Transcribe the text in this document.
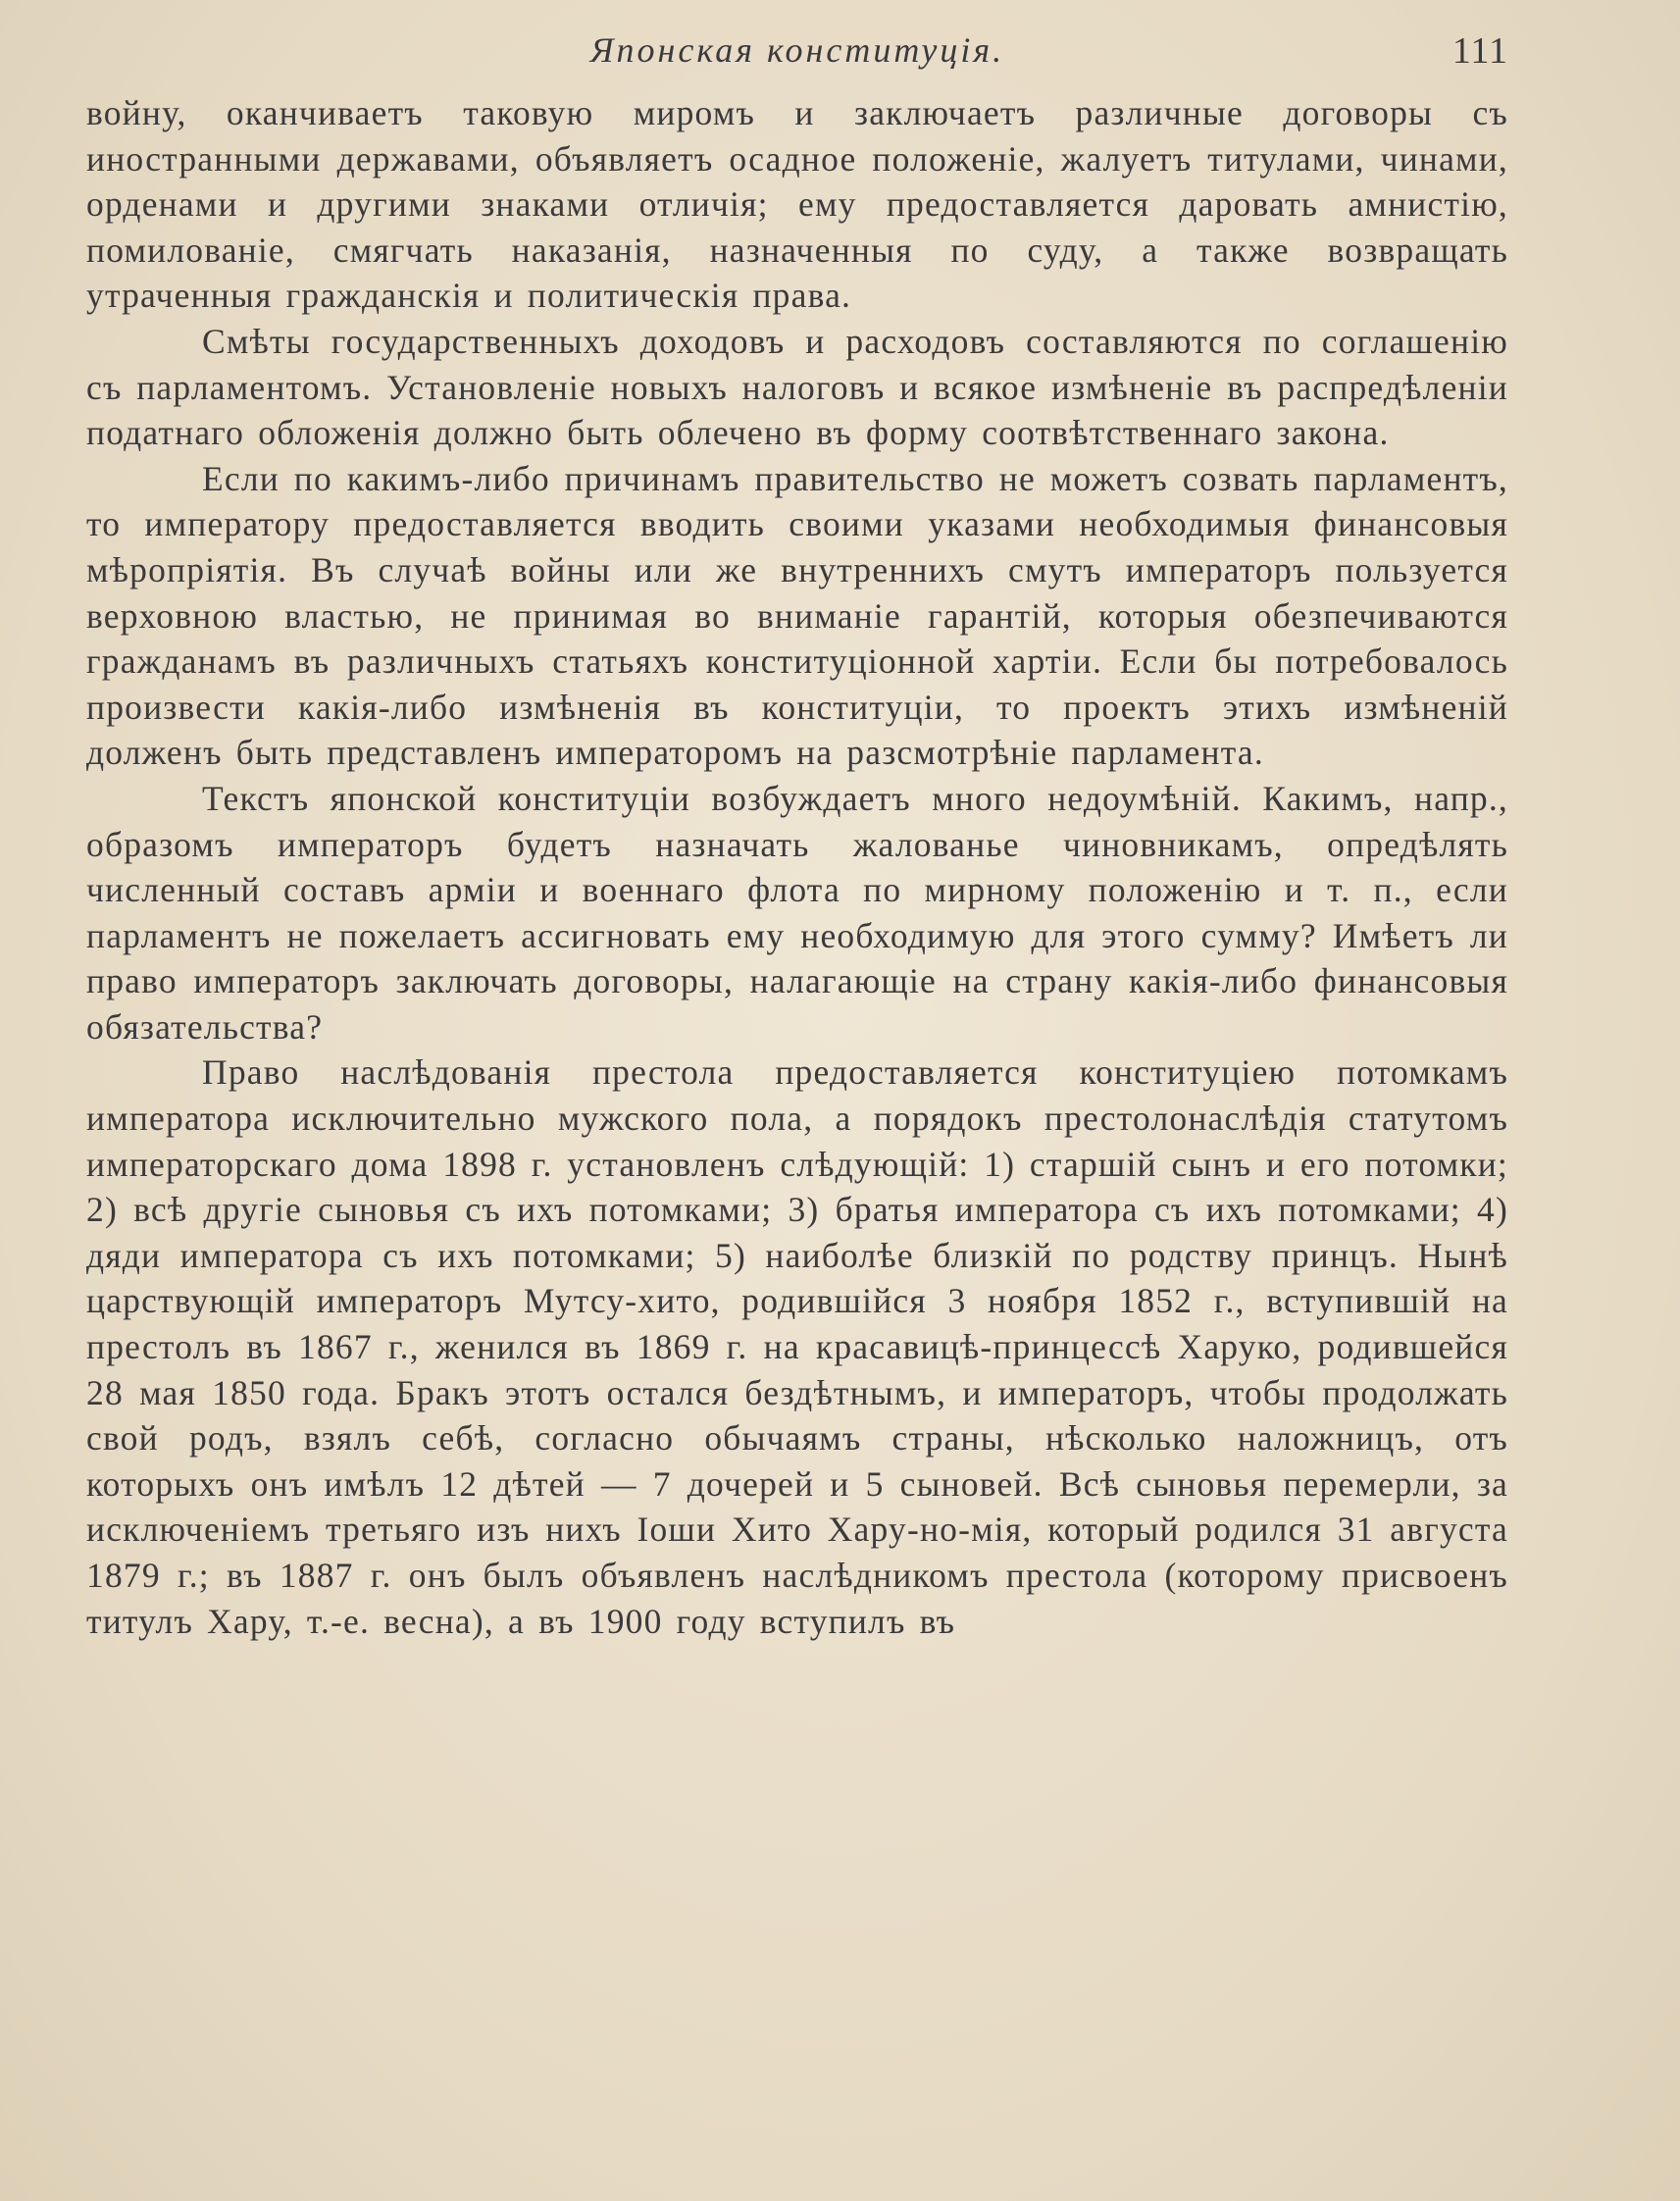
Японская конституція.	111

войну, оканчиваетъ таковую миромъ и заключаетъ различные договоры съ иностранными державами, объявляетъ осадное положеніе, жалуетъ титулами, чинами, орденами и другими знаками отличія; ему предоставляется даровать амнистію, помилованіе, смягчать наказанія, назначенныя по суду, а также возвращать утраченныя гражданскія и политическія права.

Смѣты государственныхъ доходовъ и расходовъ составляются по соглашенію съ парламентомъ. Установленіе новыхъ налоговъ и всякое измѣненіе въ распредѣленіи податнаго обложенія должно быть облечено въ форму соотвѣтственнаго закона.

Если по какимъ-либо причинамъ правительство не можетъ созвать парламентъ, то императору предоставляется вводить своими указами необходимыя финансовыя мѣропріятія. Въ случаѣ войны или же внутреннихъ смутъ императоръ пользуется верховною властью, не принимая во вниманіе гарантій, которыя обезпечиваются гражданамъ въ различныхъ статьяхъ конституціонной хартіи. Если бы потребовалось произвести какія-либо измѣненія въ конституціи, то проектъ этихъ измѣненій долженъ быть представленъ императоромъ на разсмотрѣніе парламента.

Текстъ японской конституціи возбуждаетъ много недоумѣній. Какимъ, напр., образомъ императоръ будетъ назначать жалованье чиновникамъ, опредѣлять численный составъ арміи и военнаго флота по мирному положенію и т. п., если парламентъ не пожелаетъ ассигновать ему необходимую для этого сумму? Имѣетъ ли право императоръ заключать договоры, налагающіе на страну какія-либо финансовыя обязательства?

Право наслѣдованія престола предоставляется конституціею потомкамъ императора исключительно мужского пола, а порядокъ престолонаслѣдія статутомъ императорскаго дома 1898 г. установленъ слѣдующій: 1) старшій сынъ и его потомки; 2) всѣ другіе сыновья съ ихъ потомками; 3) братья императора съ ихъ потомками; 4) дяди императора съ ихъ потомками; 5) наиболѣе близкій по родству принцъ. Нынѣ царствующій императоръ Мутсу-хито, родившійся 3 ноября 1852 г., вступившій на престолъ въ 1867 г., женился въ 1869 г. на красавицѣ-принцессѣ Харуко, родившейся 28 мая 1850 года. Бракъ этотъ остался бездѣтнымъ, и императоръ, чтобы продолжать свой родъ, взялъ себѣ, согласно обычаямъ страны, нѣсколько наложницъ, отъ которыхъ онъ имѣлъ 12 дѣтей — 7 дочерей и 5 сыновей. Всѣ сыновья перемерли, за исключеніемъ третьяго изъ нихъ Іоши Хито Хару-но-мія, который родился 31 августа 1879 г.; въ 1887 г. онъ былъ объявленъ наслѣдникомъ престола (которому присвоенъ титулъ Хару, т.-е. весна), а въ 1900 году вступилъ въ
